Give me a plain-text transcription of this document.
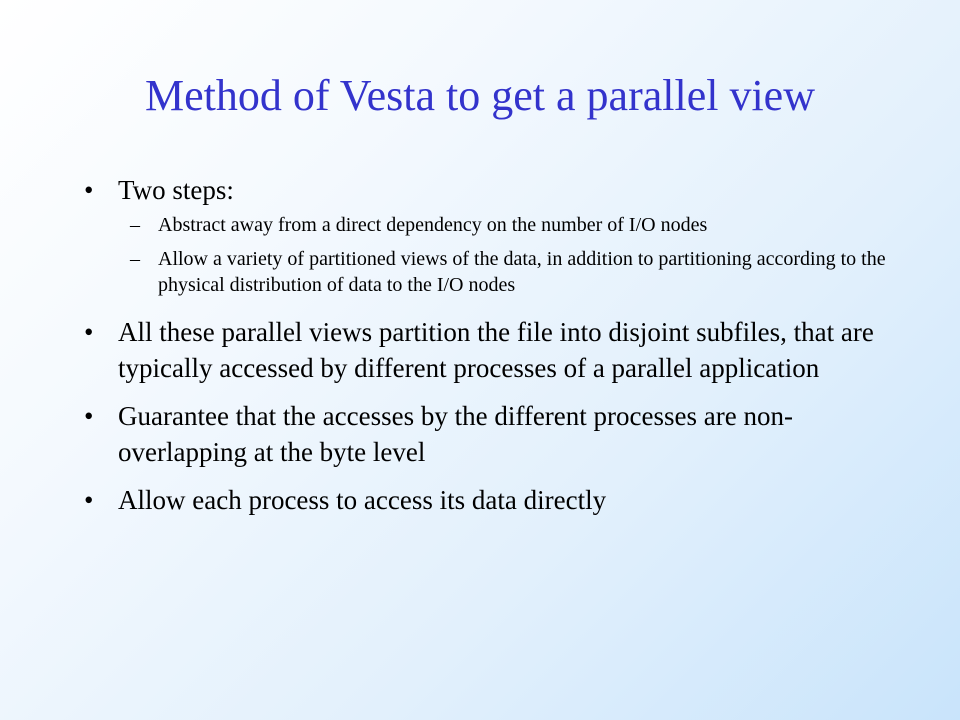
Method of Vesta to get a parallel view
• Two steps:
– Abstract away from a direct dependency on the number of I/O nodes
– Allow a variety of partitioned views of the data, in addition to partitioning according to the physical distribution of data to the I/O nodes
• All these parallel views partition the file into disjoint subfiles, that are typically accessed by different processes of a parallel application
• Guarantee that the accesses by the different processes are non-overlapping at the byte level
• Allow each process to access its data directly
